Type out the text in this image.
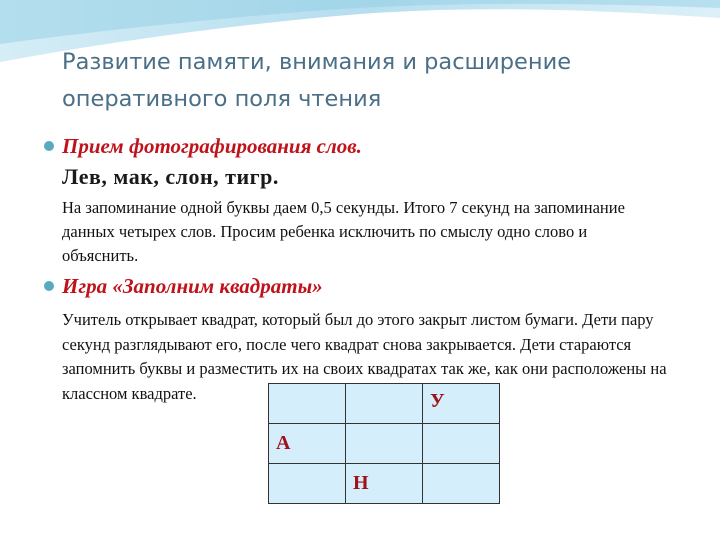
Развитие памяти, внимания и расширение оперативного поля чтения
Прием фотографирования слов.
Лев, мак, слон, тигр.
На запоминание одной буквы даем 0,5 секунды. Итого 7 секунд на запоминание данных четырех слов. Просим ребенка исключить по смыслу одно слово и объяснить.
Игра «Заполним квадраты»
Учитель открывает квадрат, который был до этого закрыт листом бумаги. Дети пару секунд разглядывают его, после чего квадрат снова закрывается. Дети стараются запомнить буквы и разместить их на своих квадратах так же, как они расположены на классном квадрате.	У
А
Н
